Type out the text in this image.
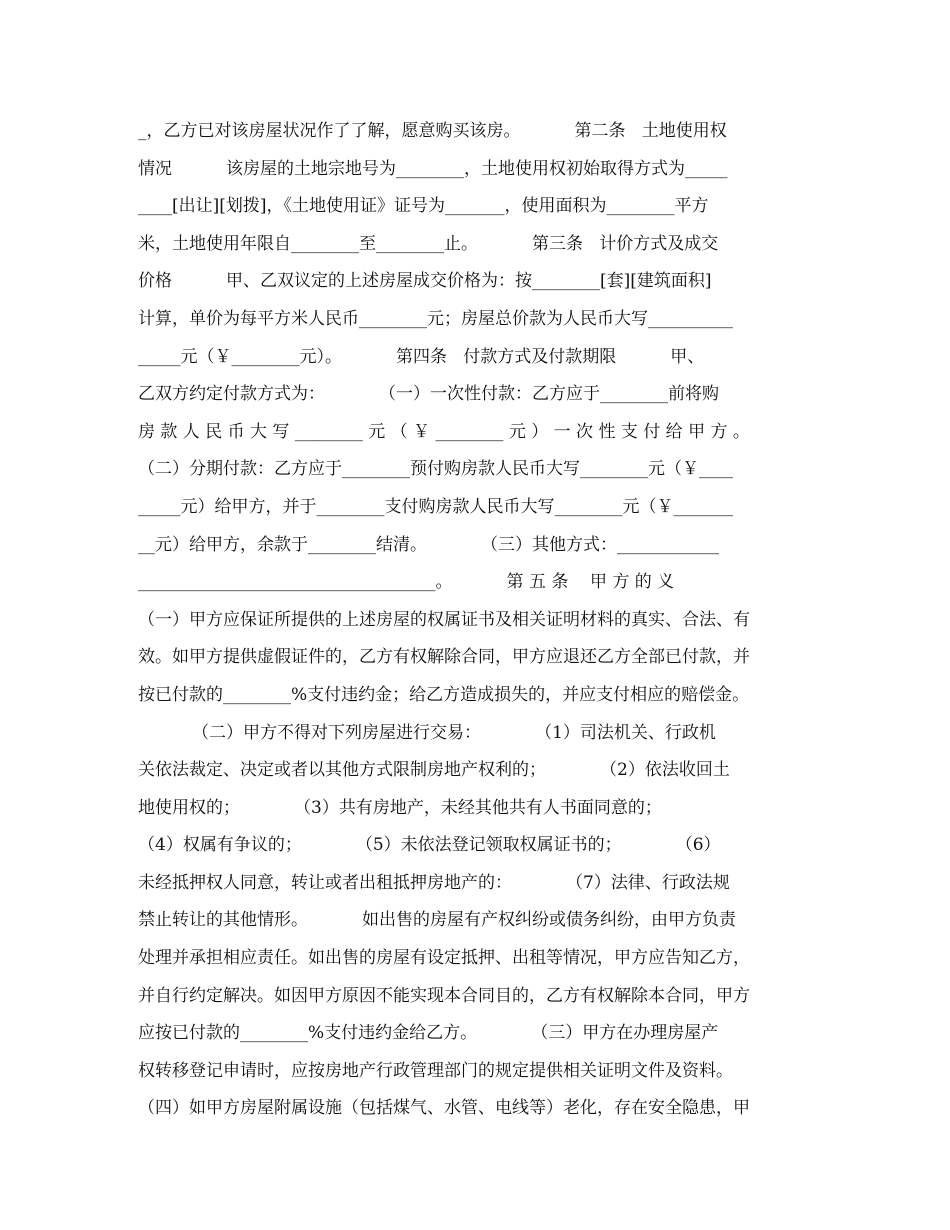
_，乙方已对该房屋状况作了了解，愿意购买该房。          第二条   土地使用权
情况          该房屋的土地宗地号为________，土地使用权初始取得方式为_____
____[出让][划拨]，《土地使用证》证号为_______，使用面积为________平方
米，土地使用年限自________至________止。          第三条   计价方式及成交
价格          甲、乙双议定的上述房屋成交价格为：按________[套][建筑面积]
计算，单价为每平方米人民币________元；房屋总价款为人民币大写__________
_____元（￥________元）。          第四条   付款方式及付款期限          甲、
乙双方约定付款方式为：          （一）一次性付款：乙方应于________前将购
房 款 人 民 币 大 写 ________ 元 （ ￥ ________ 元 ） 一 次 性 支 付 给 甲 方 。
（二）分期付款：乙方应于________预付购房款人民币大写________元（￥____
_____元）给甲方，并于________支付购房款人民币大写________元（￥_______
__元）给甲方，余款于________结清。          （三）其他方式：____________
___________________________________。          第 五 条    甲 方 的 义
（一）甲方应保证所提供的上述房屋的权属证书及相关证明材料的真实、合法、有
效。如甲方提供虚假证件的，乙方有权解除合同，甲方应退还乙方全部已付款，并
按已付款的________%支付违约金；给乙方造成损失的，并应支付相应的赔偿金。
（二）甲方不得对下列房屋进行交易：          （1）司法机关、行政机
关依法裁定、决定或者以其他方式限制房地产权利的；          （2）依法收回土
地使用权的；          （3）共有房地产，未经其他共有人书面同意的；
（4）权属有争议的；          （5）未依法登记领取权属证书的；          （6）
未经抵押权人同意，转让或者出租抵押房地产的：          （7）法律、行政法规
禁止转让的其他情形。          如出售的房屋有产权纠纷或债务纠纷，由甲方负责
处理并承担相应责任。如出售的房屋有设定抵押、出租等情况，甲方应告知乙方，
并自行约定解决。如因甲方原因不能实现本合同目的，乙方有权解除本合同，甲方
应按已付款的________%支付违约金给乙方。          （三）甲方在办理房屋产
权转移登记申请时，应按房地产行政管理部门的规定提供相关证明文件及资料。
（四）如甲方房屋附属设施（包括煤气、水管、电线等）老化，存在安全隐患，甲
